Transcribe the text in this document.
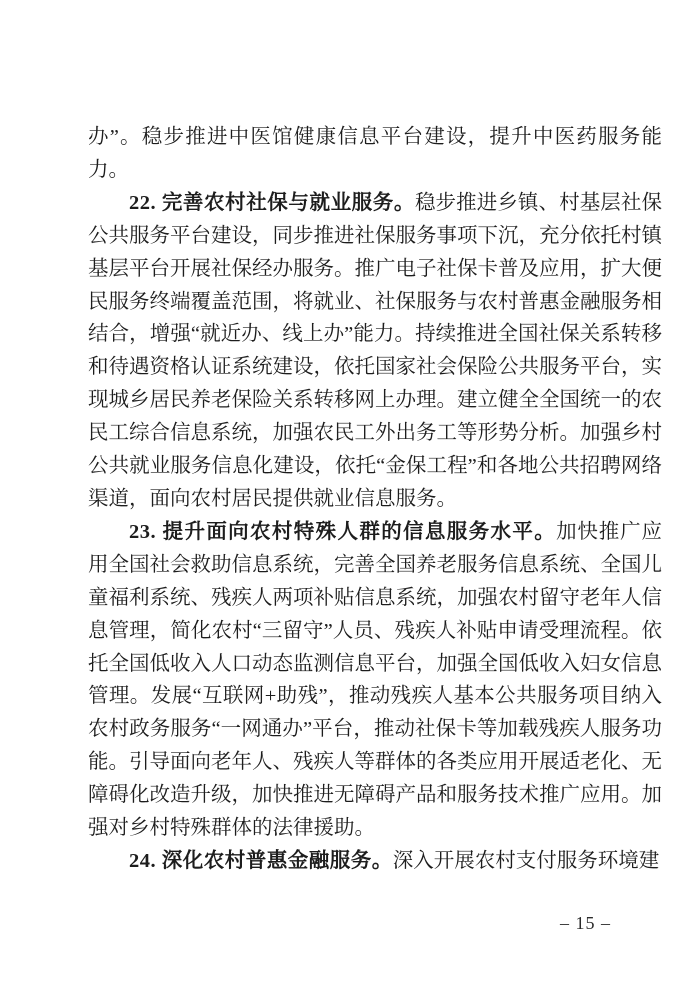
办”。稳步推进中医馆健康信息平台建设，提升中医药服务能力。

22. 完善农村社保与就业服务。稳步推进乡镇、村基层社保公共服务平台建设，同步推进社保服务事项下沉，充分依托村镇基层平台开展社保经办服务。推广电子社保卡普及应用，扩大便民服务终端覆盖范围，将就业、社保服务与农村普惠金融服务相结合，增强“就近办、线上办”能力。持续推进全国社保关系转移和待遇资格认证系统建设，依托国家社会保险公共服务平台，实现城乡居民养老保险关系转移网上办理。建立健全全国统一的农民工综合信息系统，加强农民工外出务工等形势分析。加强乡村公共就业服务信息化建设，依托“金保工程”和各地公共招聘网络渠道，面向农村居民提供就业信息服务。

23. 提升面向农村特殊人群的信息服务水平。加快推广应用全国社会救助信息系统，完善全国养老服务信息系统、全国儿童福利系统、残疾人两项补贴信息系统，加强农村留守老年人信息管理，简化农村“三留守”人员、残疾人补贴申请受理流程。依托全国低收入人口动态监测信息平台，加强全国低收入妇女信息管理。发展“互联网+助残”，推动残疾人基本公共服务项目纳入农村政务服务“一网通办”平台，推动社保卡等加载残疾人服务功能。引导面向老年人、残疾人等群体的各类应用开展适老化、无障碍化改造升级，加快推进无障碍产品和服务技术推广应用。加强对乡村特殊群体的法律援助。

24. 深化农村普惠金融服务。深入开展农村支付服务环境建

– 15 –
